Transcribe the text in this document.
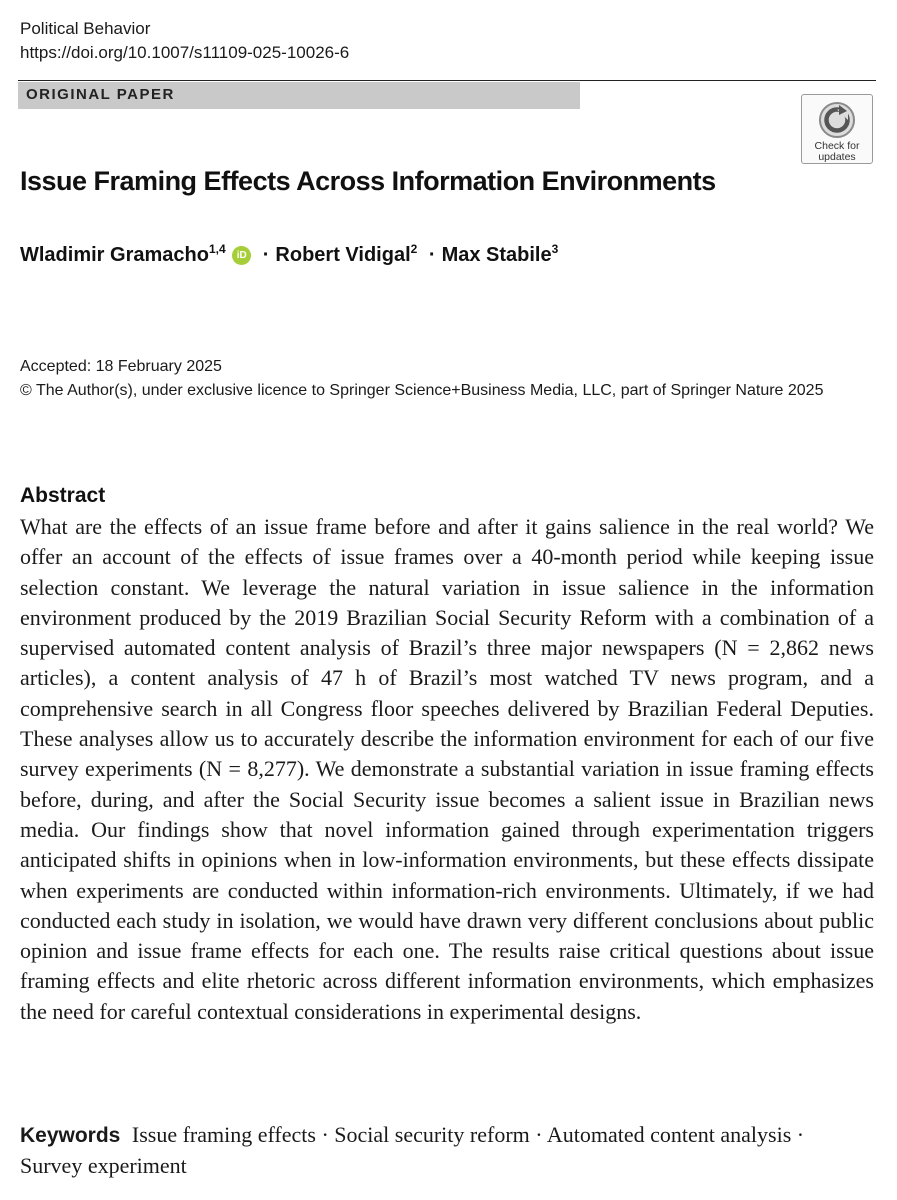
Political Behavior
https://doi.org/10.1007/s11109-025-10026-6
ORIGINAL PAPER
Check for
updates
Issue Framing Effects Across Information Environments
Wladimir Gramacho$^{1,4}$ iD · Robert Vidigal$^2$ · Max Stabile$^3$
Accepted: 18 February 2025
© The Author(s), under exclusive licence to Springer Science+Business Media, LLC, part of Springer Nature 2025
Abstract
What are the effects of an issue frame before and after it gains salience in the real world? We offer an account of the effects of issue frames over a 40-month period while keeping issue selection constant. We leverage the natural variation in issue salience in the information environment produced by the 2019 Brazilian Social Security Reform with a combination of a supervised automated content analysis of Brazil’s three major newspapers (N = 2,862 news articles), a content analysis of 47 h of Brazil’s most watched TV news program, and a comprehensive search in all Congress floor speeches delivered by Brazilian Federal Deputies. These analyses allow us to accurately describe the information environment for each of our five survey experiments (N = 8,277). We demonstrate a substantial variation in issue framing effects before, during, and after the Social Security issue becomes a salient issue in Brazilian news media. Our findings show that novel information gained through experimentation triggers anticipated shifts in opinions when in low-information environments, but these effects dissipate when experiments are conducted within information-rich environments. Ultimately, if we had conducted each study in isolation, we would have drawn very different conclusions about public opinion and issue frame effects for each one. The results raise critical questions about issue framing effects and elite rhetoric across different information environments, which emphasizes the need for careful contextual considerations in experimental designs.
Keywords Issue framing effects · Social security reform · Automated content analysis · Survey experiment
